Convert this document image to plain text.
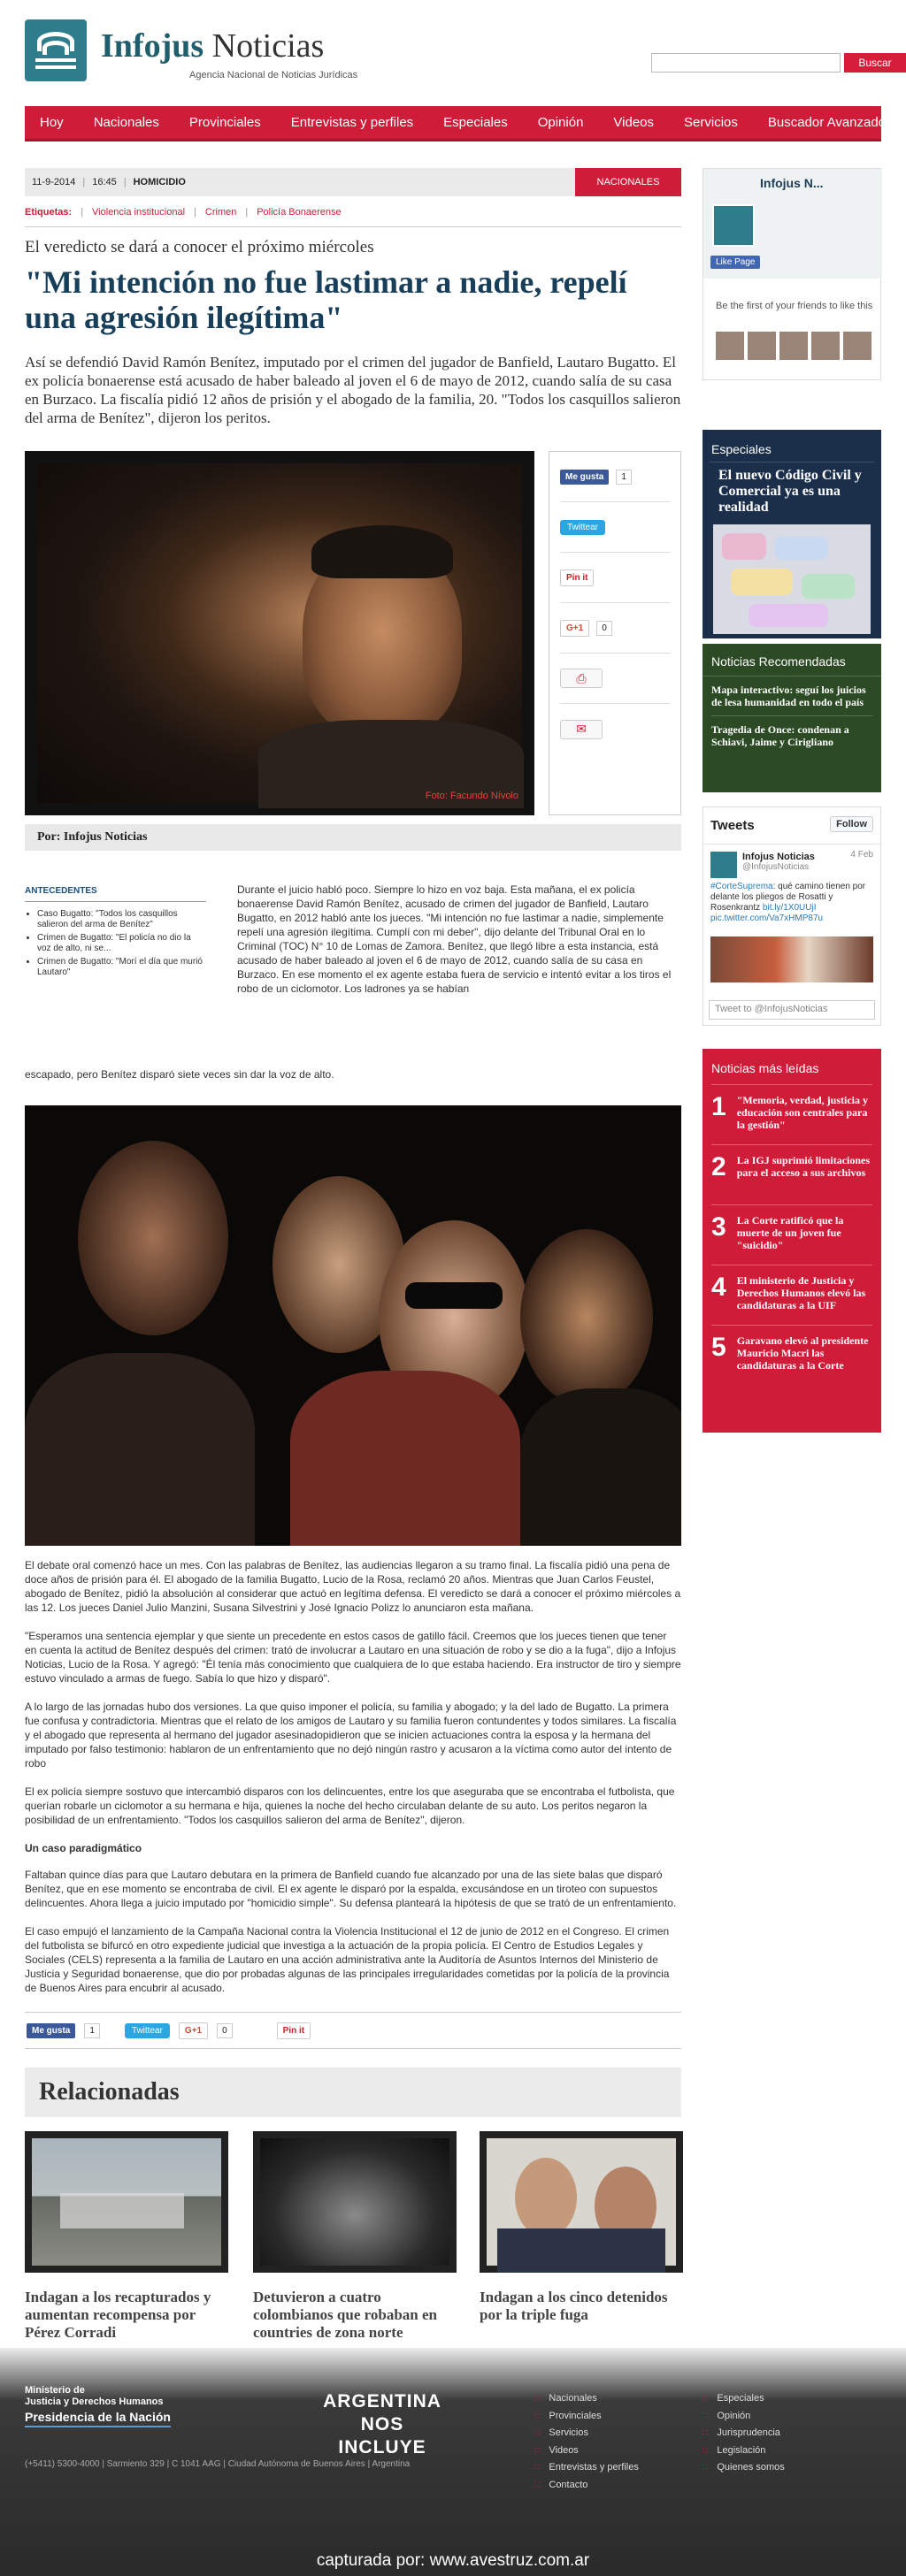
Infojus Noticias
Agencia Nacional de Noticias Jurídicas
Buscar
Hoy	Nacionales	Provinciales	Entrevistas y perfiles	Especiales	Opinión	Videos	Servicios	Buscador Avanzado
11-9-2014 | 16:45 | HOMICIDIO	NACIONALES
Etiquetas: | Violencia institucional | Crimen | Policía Bonaerense
El veredicto se dará a conocer el próximo miércoles
"Mi intención no fue lastimar a nadie, repelí una agresión ilegítima"

Así se defendió David Ramón Benítez, imputado por el crimen del jugador de Banfield, Lautaro Bugatto. El ex policía bonaerense está acusado de haber baleado al joven el 6 de mayo de 2012, cuando salía de su casa en Burzaco. La fiscalía pidió 12 años de prisión y el abogado de la familia, 20. "Todos los casquillos salieron del arma de Benítez", dijeron los peritos.

Foto: Facundo Nívolo
Me gusta	1
Twittear
Pin it
G+1	0
⎙
✉
Por: Infojus Noticias
ANTECEDENTES
• Caso Bugatto: "Todos los casquillos salieron del arma de Benítez"
• Crimen de Bugatto: "El policía no dio la voz de alto, ni se...
• Crimen de Bugatto: "Morí el día que murió Lautaro"

Durante el juicio habló poco. Siempre lo hizo en voz baja. Esta mañana, el ex policía bonaerense David Ramón Benítez, acusado de crimen del jugador de Banfield, Lautaro Bugatto, en 2012 habló ante los jueces. "Mi intención no fue lastimar a nadie, simplemente repelí una agresión ilegítima. Cumplí con mi deber", dijo delante del Tribunal Oral en lo Criminal (TOC) N° 10 de Lomas de Zamora. Benítez, que llegó libre a esta instancia, está acusado de haber baleado al joven el 6 de mayo de 2012, cuando salía de su casa en Burzaco. En ese momento el ex agente estaba fuera de servicio e intentó evitar a los tiros el robo de un ciclomotor. Los ladrones ya se habían

escapado, pero Benítez disparó siete veces sin dar la voz de alto.

El debate oral comenzó hace un mes. Con las palabras de Benítez, las audiencias llegaron a su tramo final. La fiscalía pidió una pena de doce años de prisión para él. El abogado de la familia Bugatto, Lucio de la Rosa, reclamó 20 años. Mientras que Juan Carlos Feustel, abogado de Benítez, pidió la absolución al considerar que actuó en legítima defensa. El veredicto se dará a conocer el próximo miércoles a las 12. Los jueces Daniel Julio Manzini, Susana Silvestrini y José Ignacio Polizz lo anunciaron esta mañana.

"Esperamos una sentencia ejemplar y que siente un precedente en estos casos de gatillo fácil. Creemos que los jueces tienen que tener en cuenta la actitud de Benítez después del crimen: trató de involucrar a Lautaro en una situación de robo y se dio a la fuga", dijo a Infojus Noticias, Lucio de la Rosa. Y agregó: "Él tenía más conocimiento que cualquiera de lo que estaba haciendo. Era instructor de tiro y siempre estuvo vinculado a armas de fuego. Sabía lo que hizo y disparó".

A lo largo de las jornadas hubo dos versiones. La que quiso imponer el policía, su familia y abogado; y la del lado de Bugatto. La primera fue confusa y contradictoria. Mientras que el relato de los amigos de Lautaro y su familia fueron contundentes y todos similares. La fiscalía y el abogado que representa al hermano del jugador asesinadopidieron que se inicien actuaciones contra la esposa y la hermana del imputado por falso testimonio: hablaron de un enfrentamiento que no dejó ningún rastro y acusaron a la víctima como autor del intento de robo

El ex policía siempre sostuvo que intercambió disparos con los delincuentes, entre los que aseguraba que se encontraba el futbolista, que querían robarle un ciclomotor a su hermana e hija, quienes la noche del hecho circulaban delante de su auto. Los peritos negaron la posibilidad de un enfrentamiento. "Todos los casquillos salieron del arma de Benítez", dijeron.

Un caso paradigmático

Faltaban quince días para que Lautaro debutara en la primera de Banfield cuando fue alcanzado por una de las siete balas que disparó Benítez, que en ese momento se encontraba de civil. El ex agente le disparó por la espalda, excusándose en un tiroteo con supuestos delincuentes. Ahora llega a juicio imputado por "homicidio simple". Su defensa planteará la hipótesis de que se trató de un enfrentamiento.

El caso empujó el lanzamiento de la Campaña Nacional contra la Violencia Institucional el 12 de junio de 2012 en el Congreso. El crimen del futbolista se bifurcó en otro expediente judicial que investiga a la actuación de la propia policía. El Centro de Estudios Legales y Sociales (CELS) representa a la familia de Lautaro en una acción administrativa ante la Auditoría de Asuntos Internos del Ministerio de Justicia y Seguridad bonaerense, que dio por probadas algunas de las principales irregularidades cometidas por la policía de la provincia de Buenos Aires para encubrir al acusado.

Me gusta	1	Twittear	G+1	0	Pin it
Relacionadas
Indagan a los recapturados y aumentan recompensa por Pérez Corradi
Detuvieron a cuatro colombianos que robaban en countries de zona norte
Indagan a los cinco detenidos por la triple fuga
Infojus N...
Like Page
Be the first of your friends to like this
Especiales
El nuevo Código Civil y Comercial ya es una realidad
Noticias Recomendadas
Mapa interactivo: seguí los juicios de lesa humanidad en todo el país
Tragedia de Once: condenan a Schiavi, Jaime y Cirigliano
Tweets	Follow
Infojus Noticias
@InfojusNoticias
4 Feb
#CorteSuprema: qué camino tienen por delante los pliegos de Rosatti y Rosenkrantz bit.ly/1X0UUjI pic.twitter.com/Va7xHMP87u
Tweet to @InfojusNoticias
Noticias más leídas
1 "Memoria, verdad, justicia y educación son centrales para la gestión"
2 La IGJ suprimió limitaciones para el acceso a sus archivos
3 La Corte ratificó que la muerte de un joven fue "suicidio"
4 El ministerio de Justicia y Derechos Humanos elevó las candidaturas a la UIF
5 Garavano elevó al presidente Mauricio Macri las candidaturas a la Corte
Ministerio de
Justicia y Derechos Humanos
Presidencia de la Nación
ARGENTINA
NOS INCLUYE
(+5411) 5300-4000 | Sarmiento 329 | C 1041 AAG | Ciudad Autónoma de Buenos Aires | Argentina
∷ Nacionales
∷ Provinciales
∷ Servicios
∷ Videos
∷ Entrevistas y perfiles
∷ Contacto
∷ Especiales
∷ Opinión
∷ Jurisprudencia
∷ Legislación
∷ Quienes somos
capturada por: www.avestruz.com.ar
